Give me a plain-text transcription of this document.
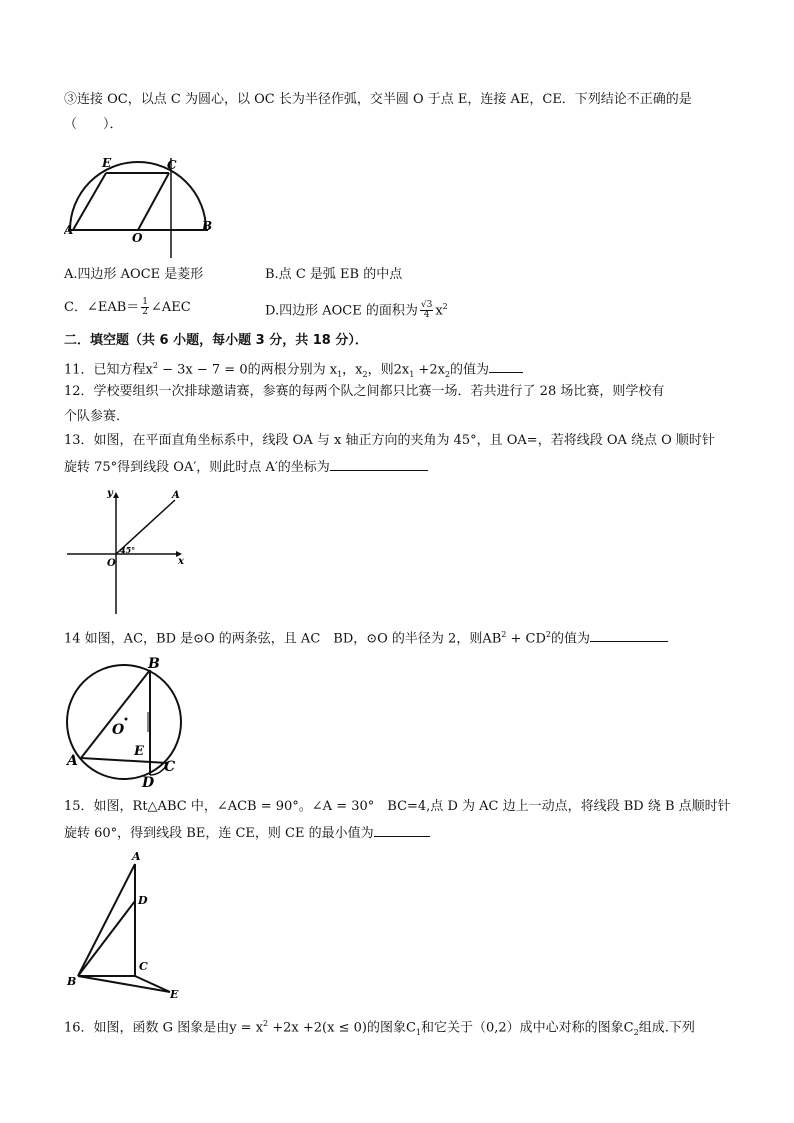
③连接 OC，以点 C 为圆心，以 OC 长为半径作弧，交半圆 O 于点 E，连接 AE，CE．下列结论不正确的是
（　　）．
E	C
A
O
B
A.四边形 AOCE 是菱形	B.点 C 是弧 EB 的中点
C．∠EAB＝ $\frac{1}{2}$ ∠AEC	D.四边形 AOCE 的面积为 $\frac{√3}{4} x^2$
二．填空题（共 6 小题，每小题 3 分，共 18 分）．
11．已知方程$x^2 - 3x - 7 = 0$的两根分别为 $x_1$，$x_2$，则$2x_1 +2x_2$的值为
12．学校要组织一次排球邀请赛，参赛的每两个队之间都只比赛一场．若共进行了 28 场比赛，则学校有
个队参赛．
13．如图，在平面直角坐标系中，线段 OA 与 x 轴正方向的夹角为 45°，且 OA=，若将线段 OA 绕点 O 顺时针
旋转 75°得到线段 OA′，则此时点 A′的坐标为
y
x
O
A
45°
14 如图，AC，BD 是⊙O 的两条弦，且 AC　BD，⊙O 的半径为 2，则$AB^2 + CD^2$的值为
B
O
E
A	C
D
15．如图，Rt△ABC 中，∠ACB = 90°。∠A = 30°　BC=4,点 D 为 AC 边上一动点，将线段 BD 绕 B 点顺时针
旋转 60°，得到线段 BE，连 CE，则 CE 的最小值为
A
D
C
B
E
16．如图，函数 G 图象是由$y = x^2 +2x +2(x \le 0)$的图象$C_1$和它关于（0,2）成中心对称的图象$C_2$组成.下列
